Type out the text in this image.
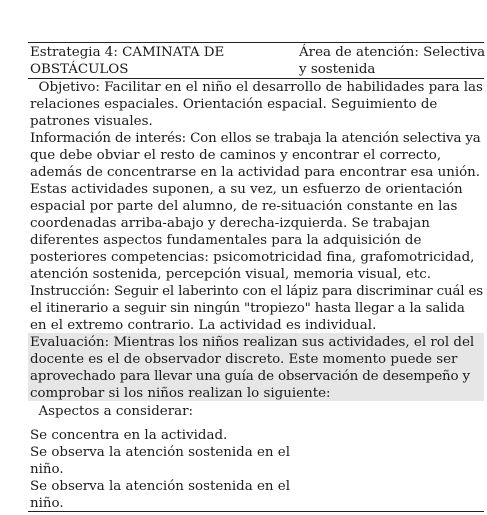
Estrategia 4: CAMINATA DE
OBSTÁCULOS
Área de atención: Selectiva
y sostenida
Objetivo: Facilitar en el niño el desarrollo de habilidades para las
relaciones espaciales. Orientación espacial. Seguimiento de
patrones visuales.
Información de interés: Con ellos se trabaja la atención selectiva ya
que debe obviar el resto de caminos y encontrar el correcto,
además de concentrarse en la actividad para encontrar esa unión.
Estas actividades suponen, a su vez, un esfuerzo de orientación
espacial por parte del alumno, de re-situación constante en las
coordenadas arriba-abajo y derecha-izquierda. Se trabajan
diferentes aspectos fundamentales para la adquisición de
posteriores competencias: psicomotricidad fina, grafomotricidad,
atención sostenida, percepción visual, memoria visual, etc.
Instrucción: Seguir el laberinto con el lápiz para discriminar cuál es
el itinerario a seguir sin ningún "tropiezo" hasta llegar a la salida
en el extremo contrario. La actividad es individual.
Evaluación: Mientras los niños realizan sus actividades, el rol del
docente es el de observador discreto. Este momento puede ser
aprovechado para llevar una guía de observación de desempeño y
comprobar si los niños realizan lo siguiente:
Aspectos a considerar:
Se concentra en la actividad.
Se observa la atención sostenida en el
niño.
Se observa la atención sostenida en el
niño.
